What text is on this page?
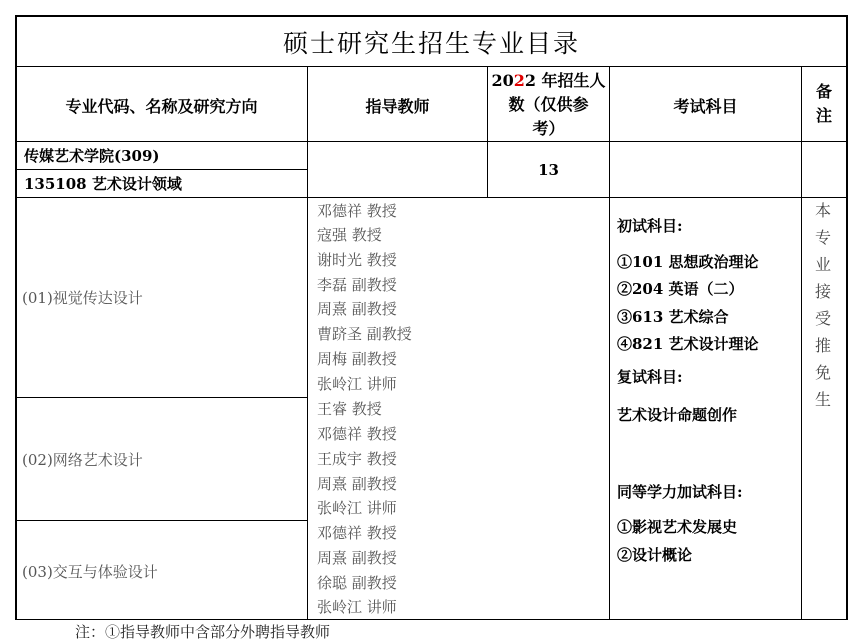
硕士研究生招生专业目录
专业代码、名称及研究方向	指导教师
2022 年招生人
数（仅供参
考）
考试科目
备
注
传媒艺术学院(309)
135108 艺术设计领域
13
(01)视觉传达设计
(02)网络艺术设计
(03)交互与体验设计
邓德祥 教授
寇强 教授
谢时光 教授
李磊 副教授
周熹 副教授
曹跻圣 副教授
周梅 副教授
张岭江 讲师
王睿 教授
邓德祥 教授
王成宇 教授
周熹 副教授
张岭江 讲师
邓德祥 教授
周熹 副教授
徐聪 副教授
张岭江 讲师
初试科目:
①101 思想政治理论
②204 英语（二）
③613 艺术综合
④821 艺术设计理论
复试科目:
艺术设计命题创作
同等学力加试科目:
①影视艺术发展史
②设计概论
本
专
业
接
受
推
免
生
注：①指导教师中含部分外聘指导教师
